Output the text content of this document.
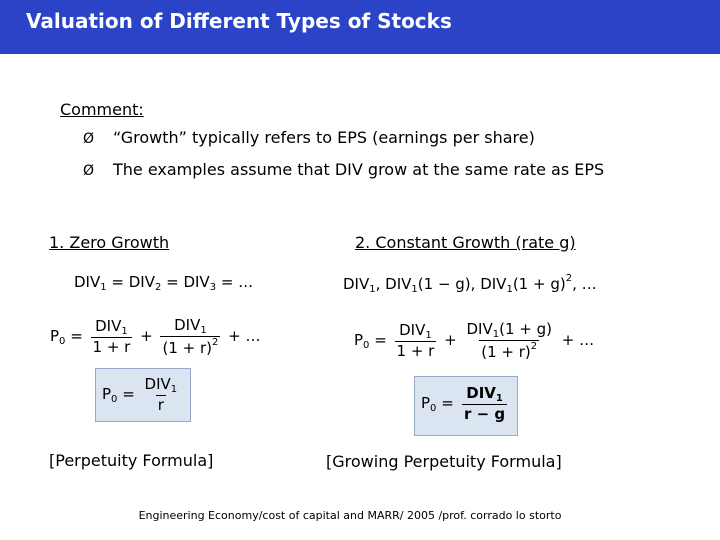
Valuation of Different Types of Stocks
Comment:
Ø “Growth” typically refers to EPS (earnings per share)
Ø The examples assume that DIV grow at the same rate as EPS
1. Zero Growth
$DIV_1 = DIV_2 = DIV_3$ = …
$P_0 = \frac{DIV_1}{1 + r} + \frac{DIV_1}{(1 + r)^2}$ + …
$P_0 = \frac{DIV_1}{r}$
[Perpetuity Formula]
2. Constant Growth (rate g)
$DIV_1$, $DIV_1(1 - g)$, $DIV_1(1 + g)^2$, …
$P_0 = \frac{DIV_1}{1 + r} + \frac{DIV_1(1 + g)}{(1 + r)^2}$ + …
$P_0 = \frac{DIV_1}{r - g}$
[Growing Perpetuity Formula]
Engineering Economy/cost of capital and MARR/ 2005 /prof. corrado lo storto
